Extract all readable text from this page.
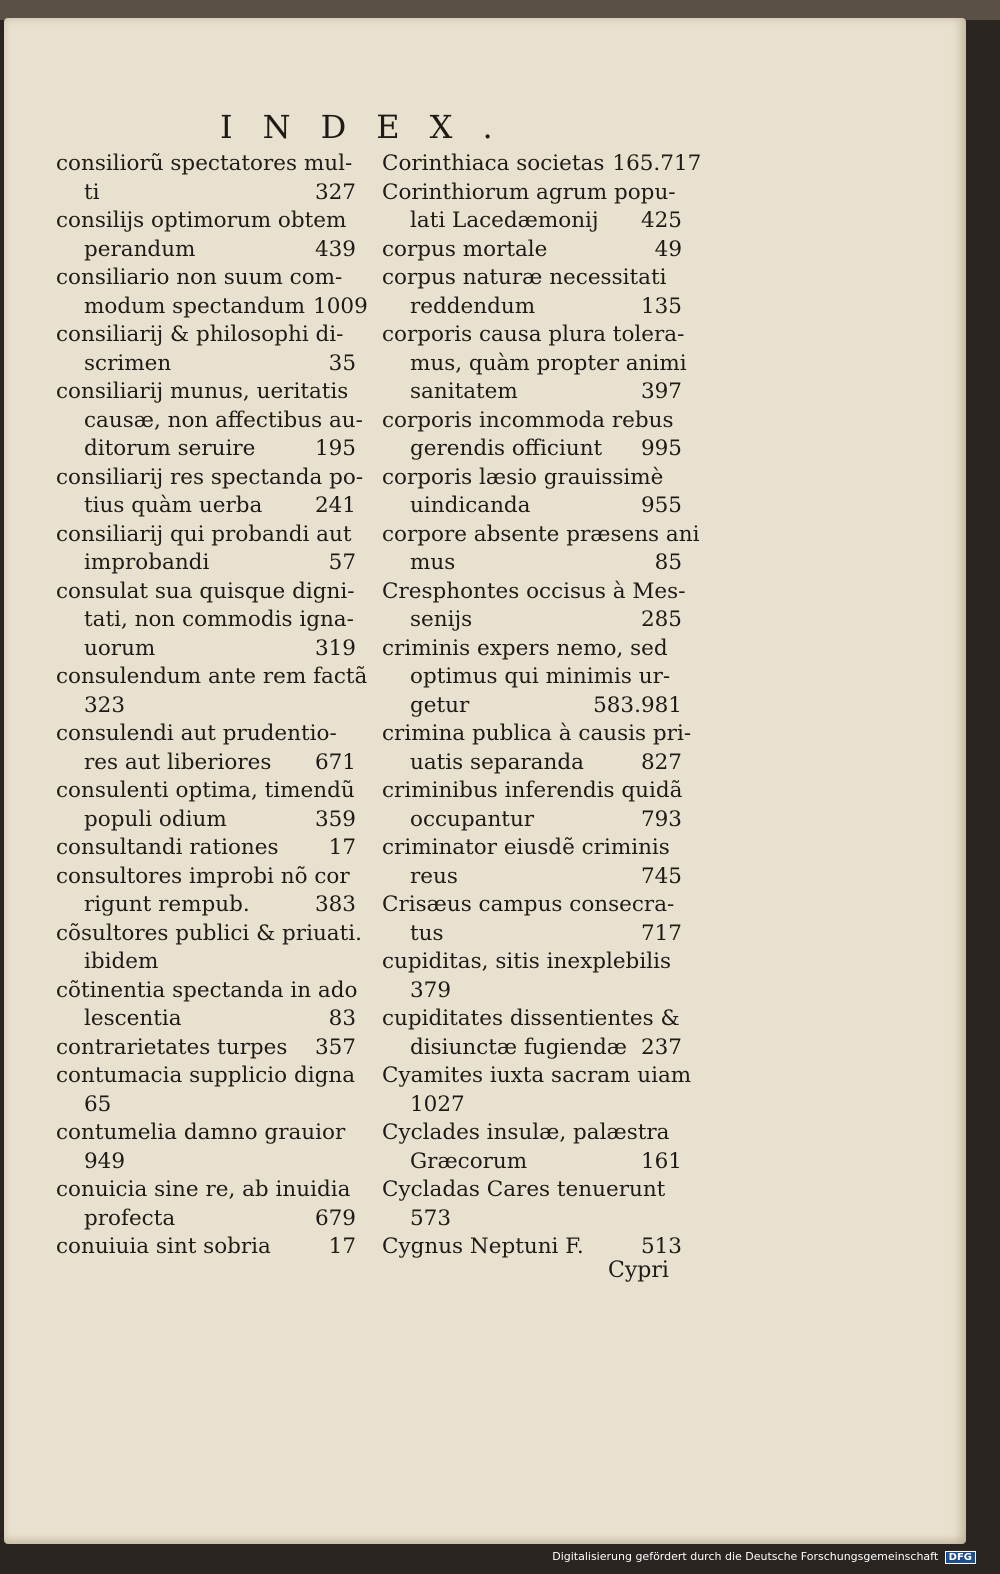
INDEX.
consiliorũ spectatores mul-
ti	327
consilijs optimorum obtem
perandum	439
consiliario non suum com-
modum spectandum 1009
consiliarij & philosophi di-
scrimen	35
consiliarij munus, ueritatis
causæ, non affectibus au-
ditorum seruire	195
consiliarij res spectanda po-
tius quàm uerba 241
consiliarij qui probandi aut
improbandi	57
consulat sua quisque digni-
tati, non commodis igna-
uorum	319
consulendum ante rem factã
323
consulendi aut prudentio-
res aut liberiores 671
consulenti optima, timendũ
populi odium	359
consultandi rationes 17
consultores improbi nõ cor
rigunt rempub.	383
cõsultores publici & priuati.
ibidem
cõtinentia spectanda in ado
lescentia	83
contrarietates turpes 357
contumacia supplicio digna
65
contumelia damno grauior
949
conuicia sine re, ab inuidia
profecta	679
conuiuia sint sobria	17
Corinthiaca societas 165.717
Corinthiorum agrum popu-
lati Lacedæmonij 425
corpus mortale	49
corpus naturæ necessitati
reddendum	135
corporis causa plura tolera-
mus, quàm propter animi
sanitatem	397
corporis incommoda rebus
gerendis officiunt 995
corporis læsio grauissimè
uindicanda	955
corpore absente præsens ani
mus	85
Cresphontes occisus à Mes-
senijs	285
criminis expers nemo, sed
optimus qui minimis ur-
getur	583.981
crimina publica à causis pri-
uatis separanda	827
criminibus inferendis quidã
occupantur	793
criminator eiusdẽ criminis
reus	745
Crisæus campus consecra-
tus	717
cupiditas, sitis inexplebilis
379
cupiditates dissentientes &
disiunctæ fugiendæ 237
Cyamites iuxta sacram uiam
1027
Cyclades insulæ, palæstra
Græcorum	161
Cycladas Cares tenuerunt
573
Cygnus Neptuni F.	513
Cypri
Digitalisierung gefördert durch die Deutsche Forschungsgemeinschaft DFG
